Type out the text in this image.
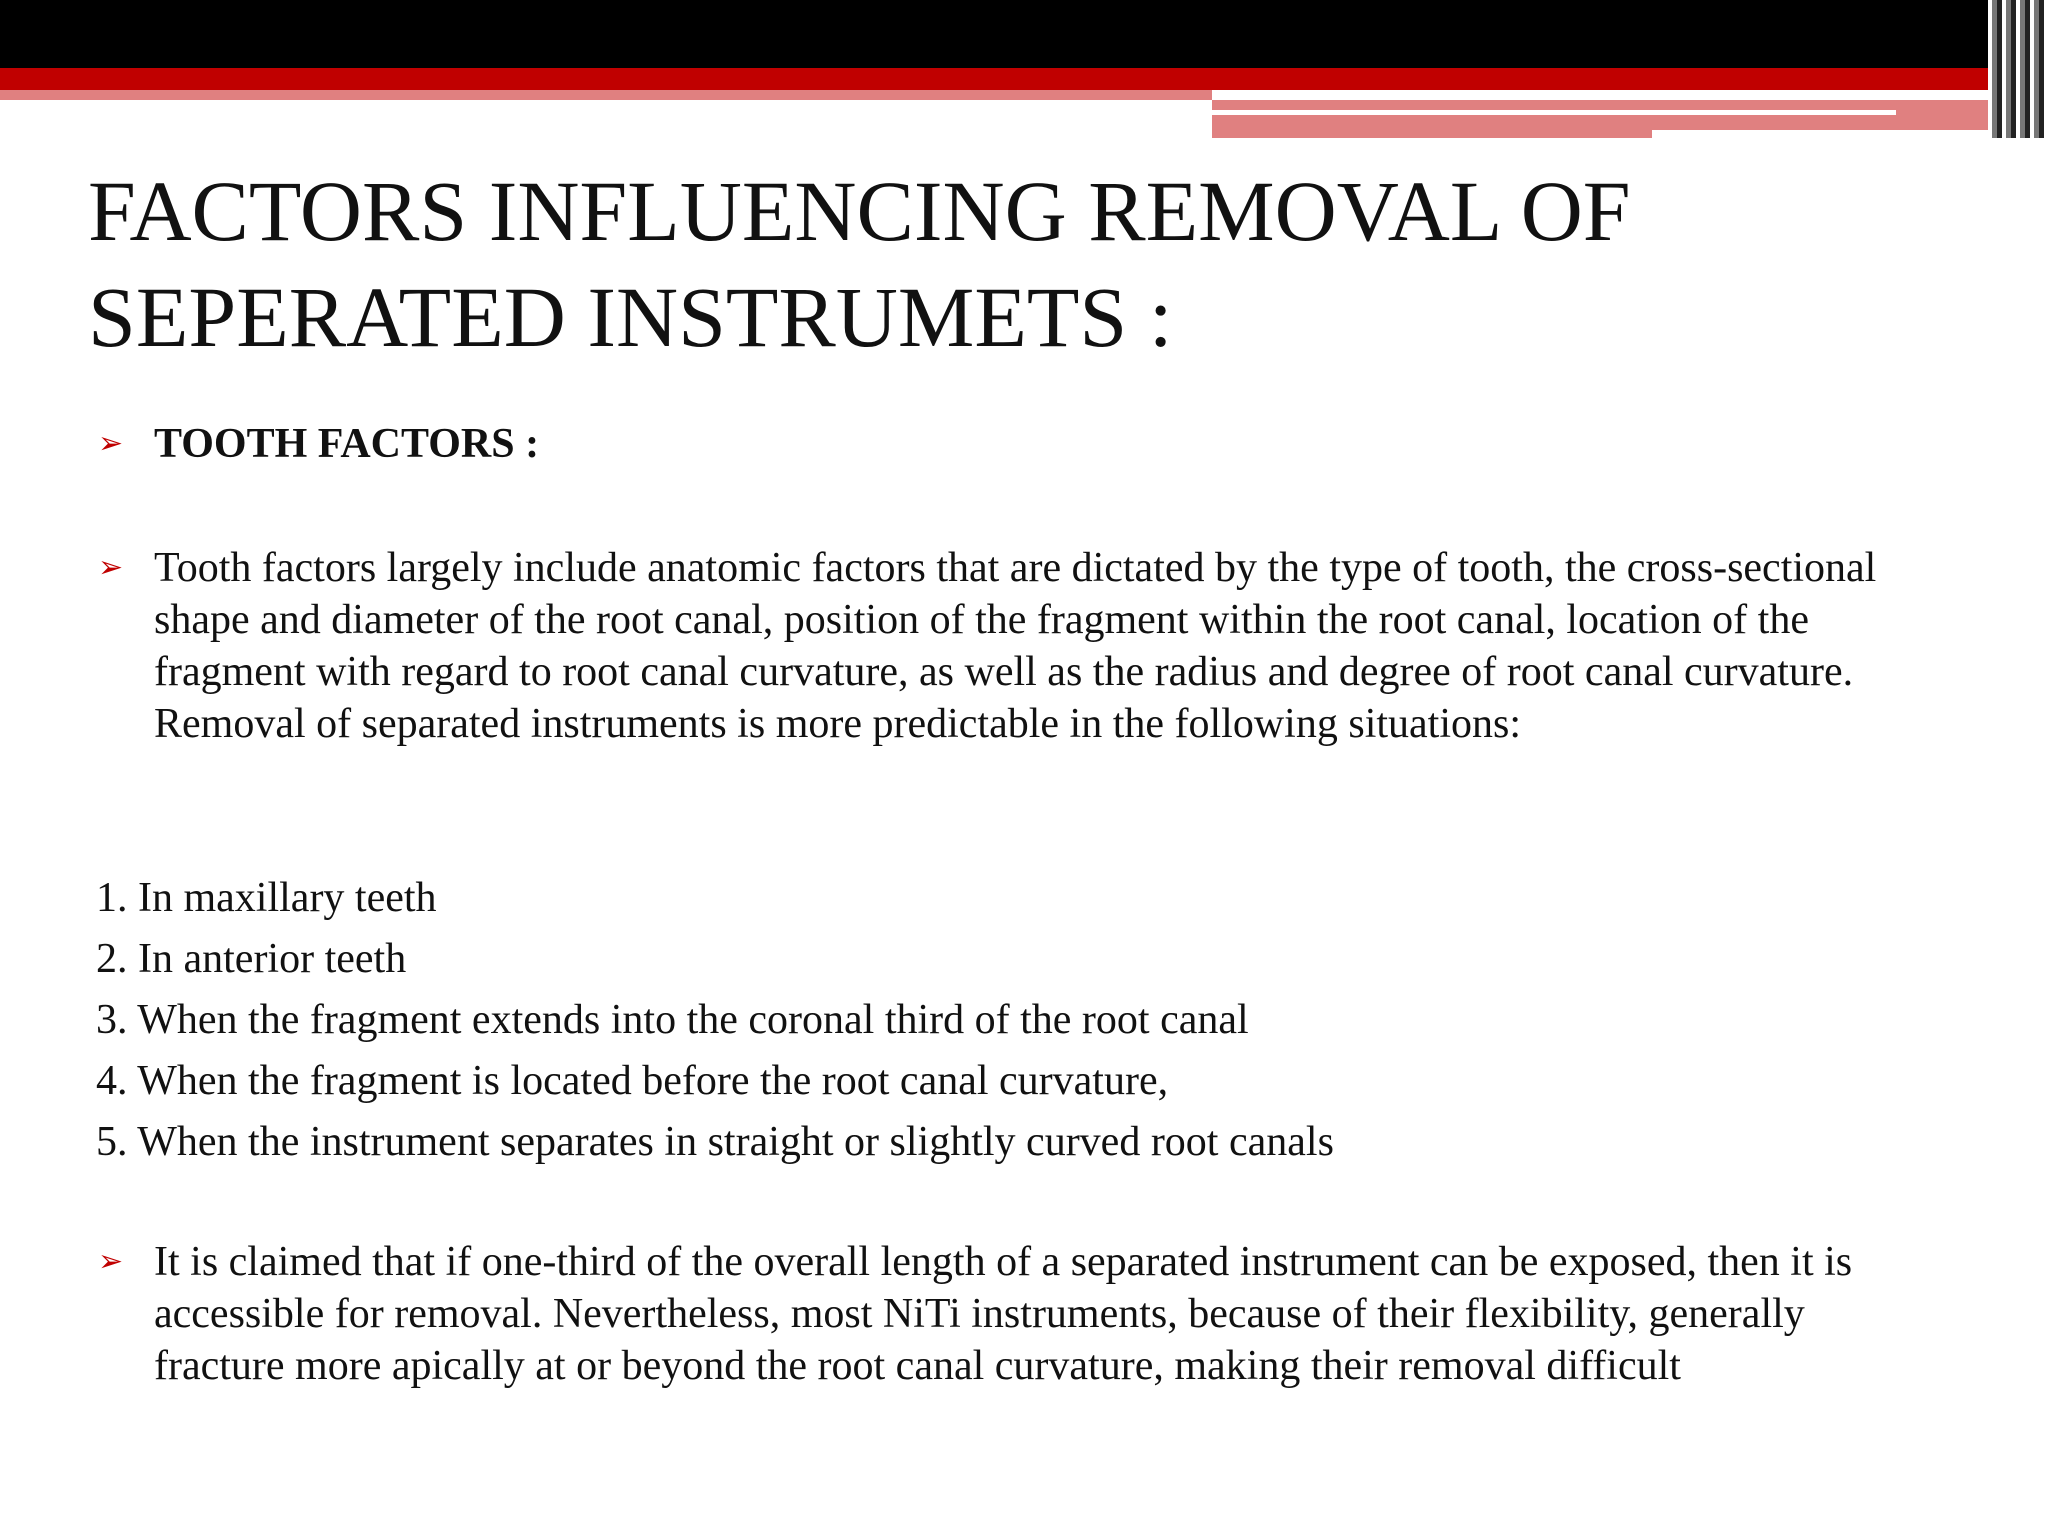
FACTORS INFLUENCING REMOVAL OF SEPERATED INSTRUMETS :
➢ TOOTH FACTORS :
➢ Tooth factors largely include anatomic factors that are dictated by the type of tooth, the cross-sectional shape and diameter of the root canal, position of the fragment within the root canal, location of the fragment with regard to root canal curvature, as well as the radius and degree of root canal curvature. Removal of separated instruments is more predictable in the following situations:
1. In maxillary teeth
2. In anterior teeth
3. When the fragment extends into the coronal third of the root canal
4. When the fragment is located before the root canal curvature,
5. When the instrument separates in straight or slightly curved root canals
➢ It is claimed that if one-third of the overall length of a separated instrument can be exposed, then it is accessible for removal. Nevertheless, most NiTi instruments, because of their flexibility, generally fracture more apically at or beyond the root canal curvature, making their removal difficult
